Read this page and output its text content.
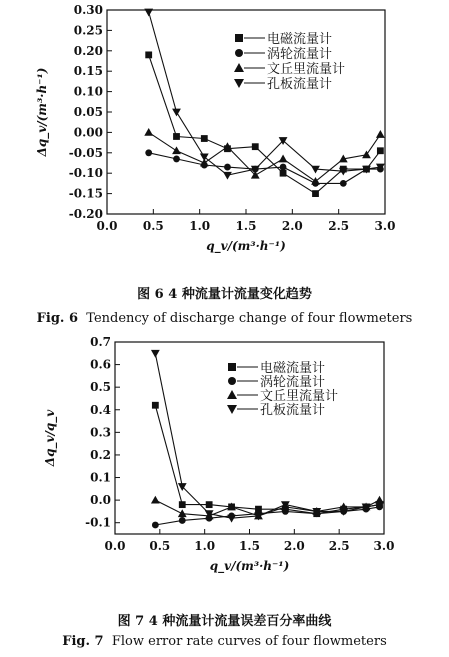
0.30
0.25
0.20
0.15
0.10
0.05
0.00
-0.05
-0.10
-0.15
-0.20
0.0 0.5 1.0 1.5 2.0 2.5 3.0
Δq_v/(m³·h⁻¹)
q_v/(m³·h⁻¹)
电磁流量计
涡轮流量计
文丘里流量计
孔板流量计
图 6 4 种流量计流量变化趋势
Fig. 6 Tendency of discharge change of four flowmeters
0.7
0.6
0.5
0.4
0.3
0.2
0.1
0.0
-0.1
0.0 0.5 1.0 1.5 2.0 2.5 3.0
Δq_v/q_v
q_v/(m³·h⁻¹)
电磁流量计
涡轮流量计
文丘里流量计
孔板流量计
图 7 4 种流量计流量误差百分率曲线
Fig. 7 Flow error rate curves of four flowmeters
